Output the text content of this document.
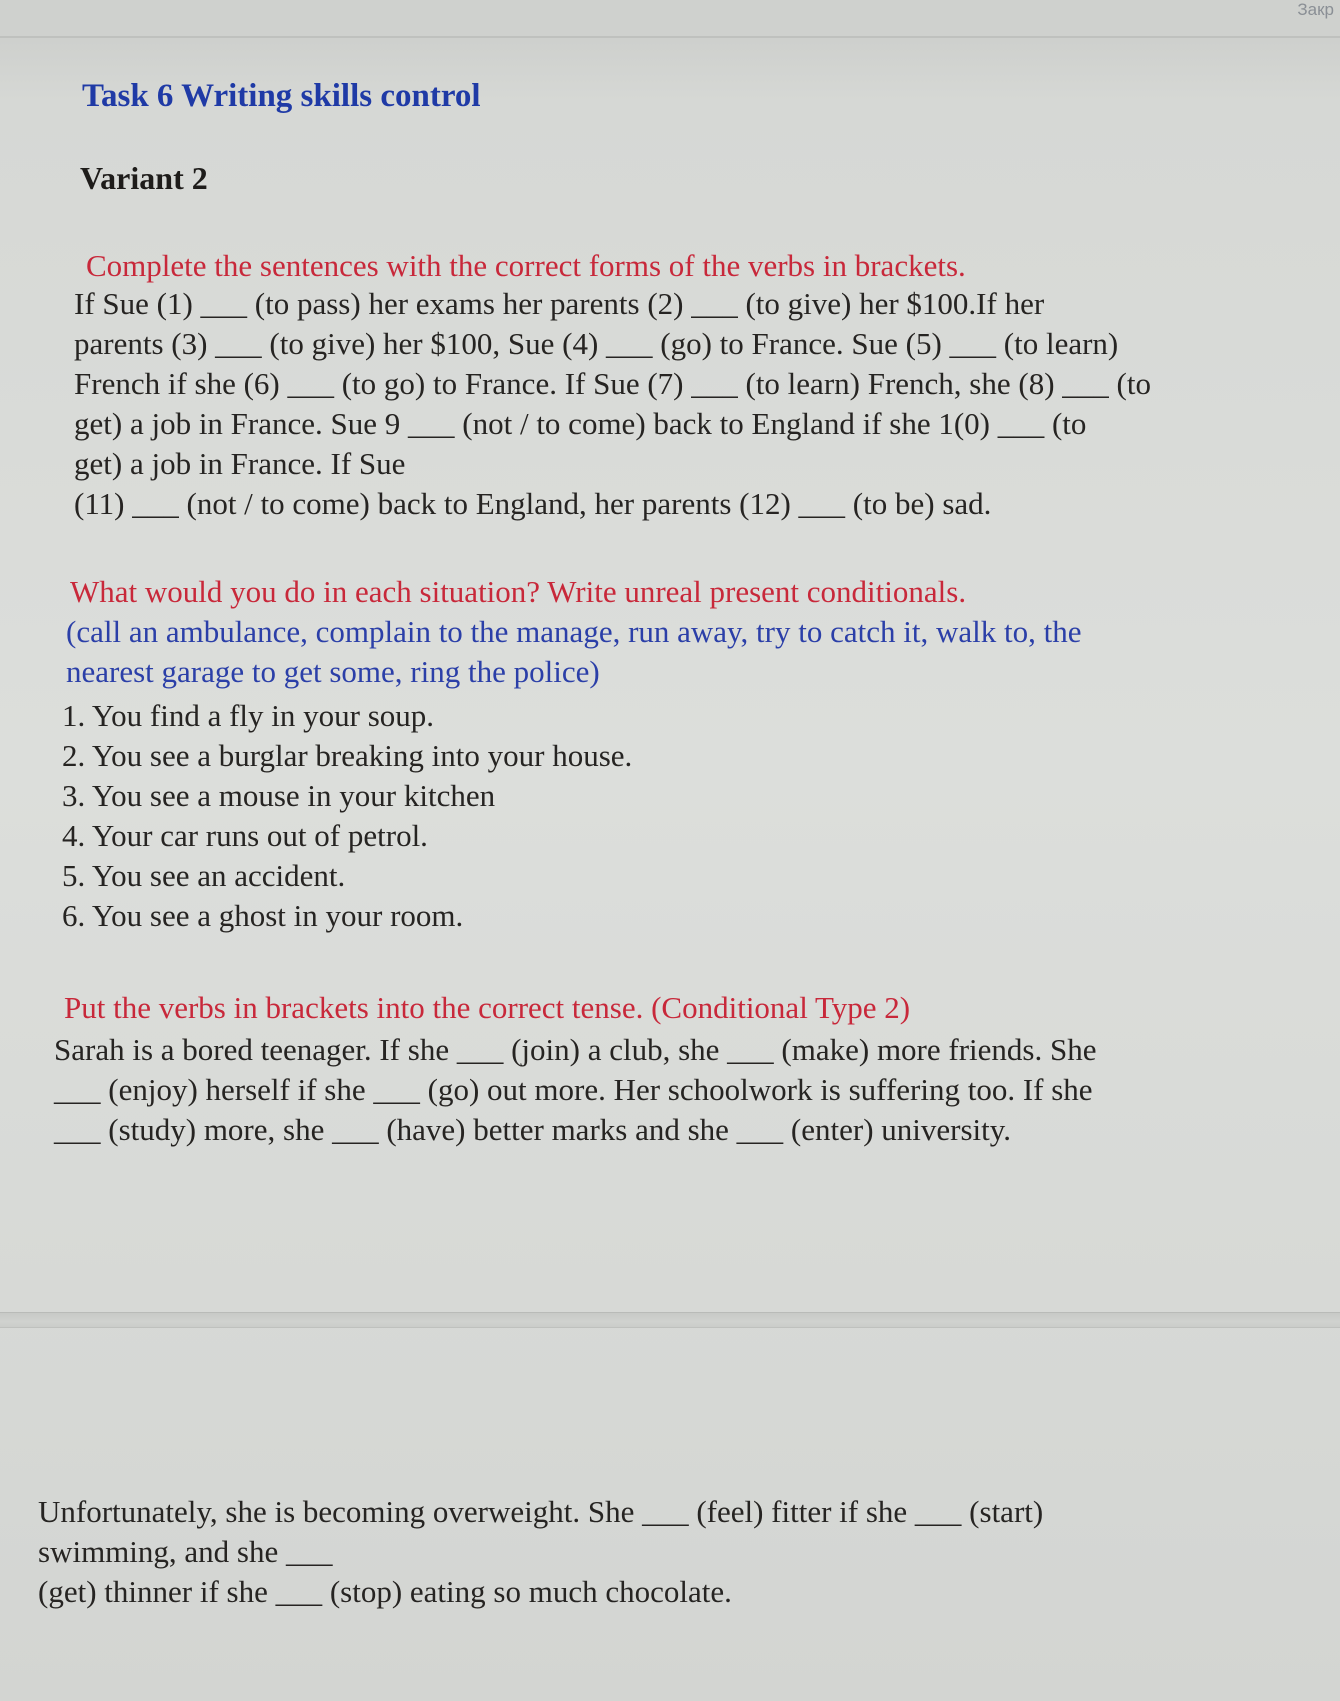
Закр
Task 6 Writing skills control
Variant 2
Complete the sentences with the correct forms of the verbs in brackets.
If Sue (1) ___ (to pass) her exams her parents (2) ___ (to give) her $100.If her
parents (3) ___ (to give) her $100, Sue (4) ___ (go) to France. Sue (5) ___ (to learn)
French if she (6) ___ (to go) to France. If Sue (7) ___ (to learn) French, she (8) ___ (to
get) a job in France. Sue 9 ___ (not / to come) back to England if she 1(0) ___ (to
get) a job in France. If Sue
(11) ___ (not / to come) back to England, her parents (12) ___ (to be) sad.
What would you do in each situation? Write unreal present conditionals.
(call an ambulance, complain to the manage, run away, try to catch it, walk to, the
nearest garage to get some, ring the police)
1. You find a fly in your soup.
2. You see a burglar breaking into your house.
3. You see a mouse in your kitchen
4. Your car runs out of petrol.
5. You see an accident.
6. You see a ghost in your room.
Put the verbs in brackets into the correct tense. (Conditional Type 2)
Sarah is a bored teenager. If she ___ (join) a club, she ___ (make) more friends. She
___ (enjoy) herself if she ___ (go) out more. Her schoolwork is suffering too. If she
___ (study) more, she ___ (have) better marks and she ___ (enter) university.
Unfortunately, she is becoming overweight. She ___ (feel) fitter if she ___ (start)
swimming, and she ___
(get) thinner if she ___ (stop) eating so much chocolate.
